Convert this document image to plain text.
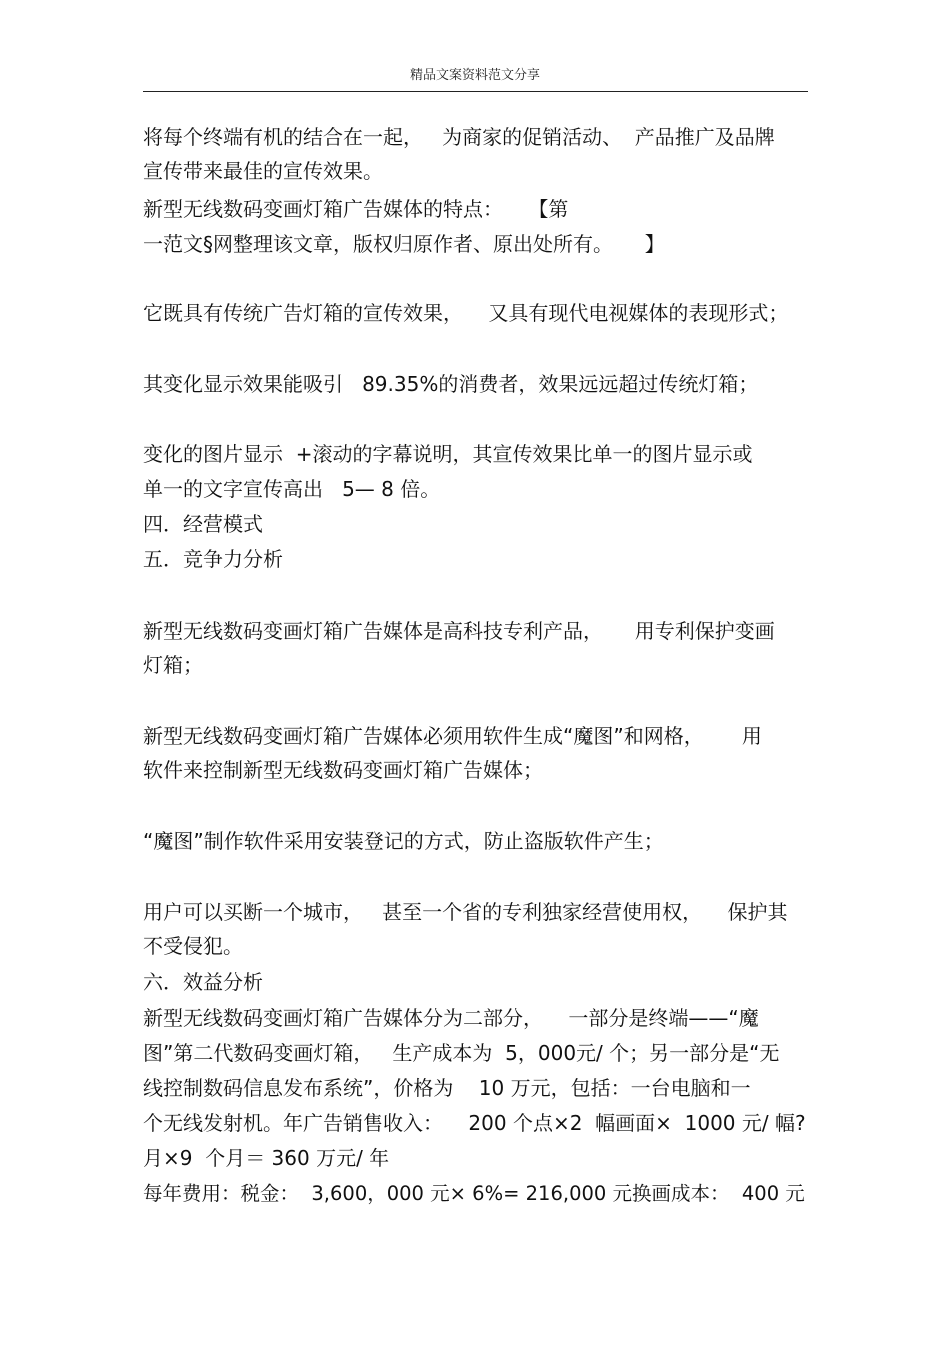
精品文案资料范文分享
将每个终端有机的结合在一起，   为商家的促销活动、  产品推广及品牌
宣传带来最佳的宣传效果。
新型无线数码变画灯箱广告媒体的特点：    【第
一范文§网整理该文章，版权归原作者、原出处所有。     】
它既具有传统广告灯箱的宣传效果，    又具有现代电视媒体的表现形式；
其变化显示效果能吸引   89.35%的消费者，效果远远超过传统灯箱；
变化的图片显示  +滚动的字幕说明，其宣传效果比单一的图片显示或
单一的文字宣传高出   5— 8 倍。
四．经营模式
五．竞争力分析
新型无线数码变画灯箱广告媒体是高科技专利产品，     用专利保护变画
灯箱；
新型无线数码变画灯箱广告媒体必须用软件生成“魔图”和网格，      用
软件来控制新型无线数码变画灯箱广告媒体；
“魔图”制作软件采用安装登记的方式，防止盗版软件产生；
用户可以买断一个城市，   甚至一个省的专利独家经营使用权，    保护其
不受侵犯。
六．效益分析
新型无线数码变画灯箱广告媒体分为二部分，    一部分是终端——“魔
图”第二代数码变画灯箱，   生产成本为  5，000元/ 个；另一部分是“无
线控制数码信息发布系统”，价格为    10 万元，包括：一台电脑和一
个无线发射机。年广告销售收入：    200 个点×2  幅画面×  1000 元/ 幅?
月×9  个月＝ 360 万元/ 年
每年费用：税金：  3,600，000 元× 6%= 216,000 元换画成本：  400 元
